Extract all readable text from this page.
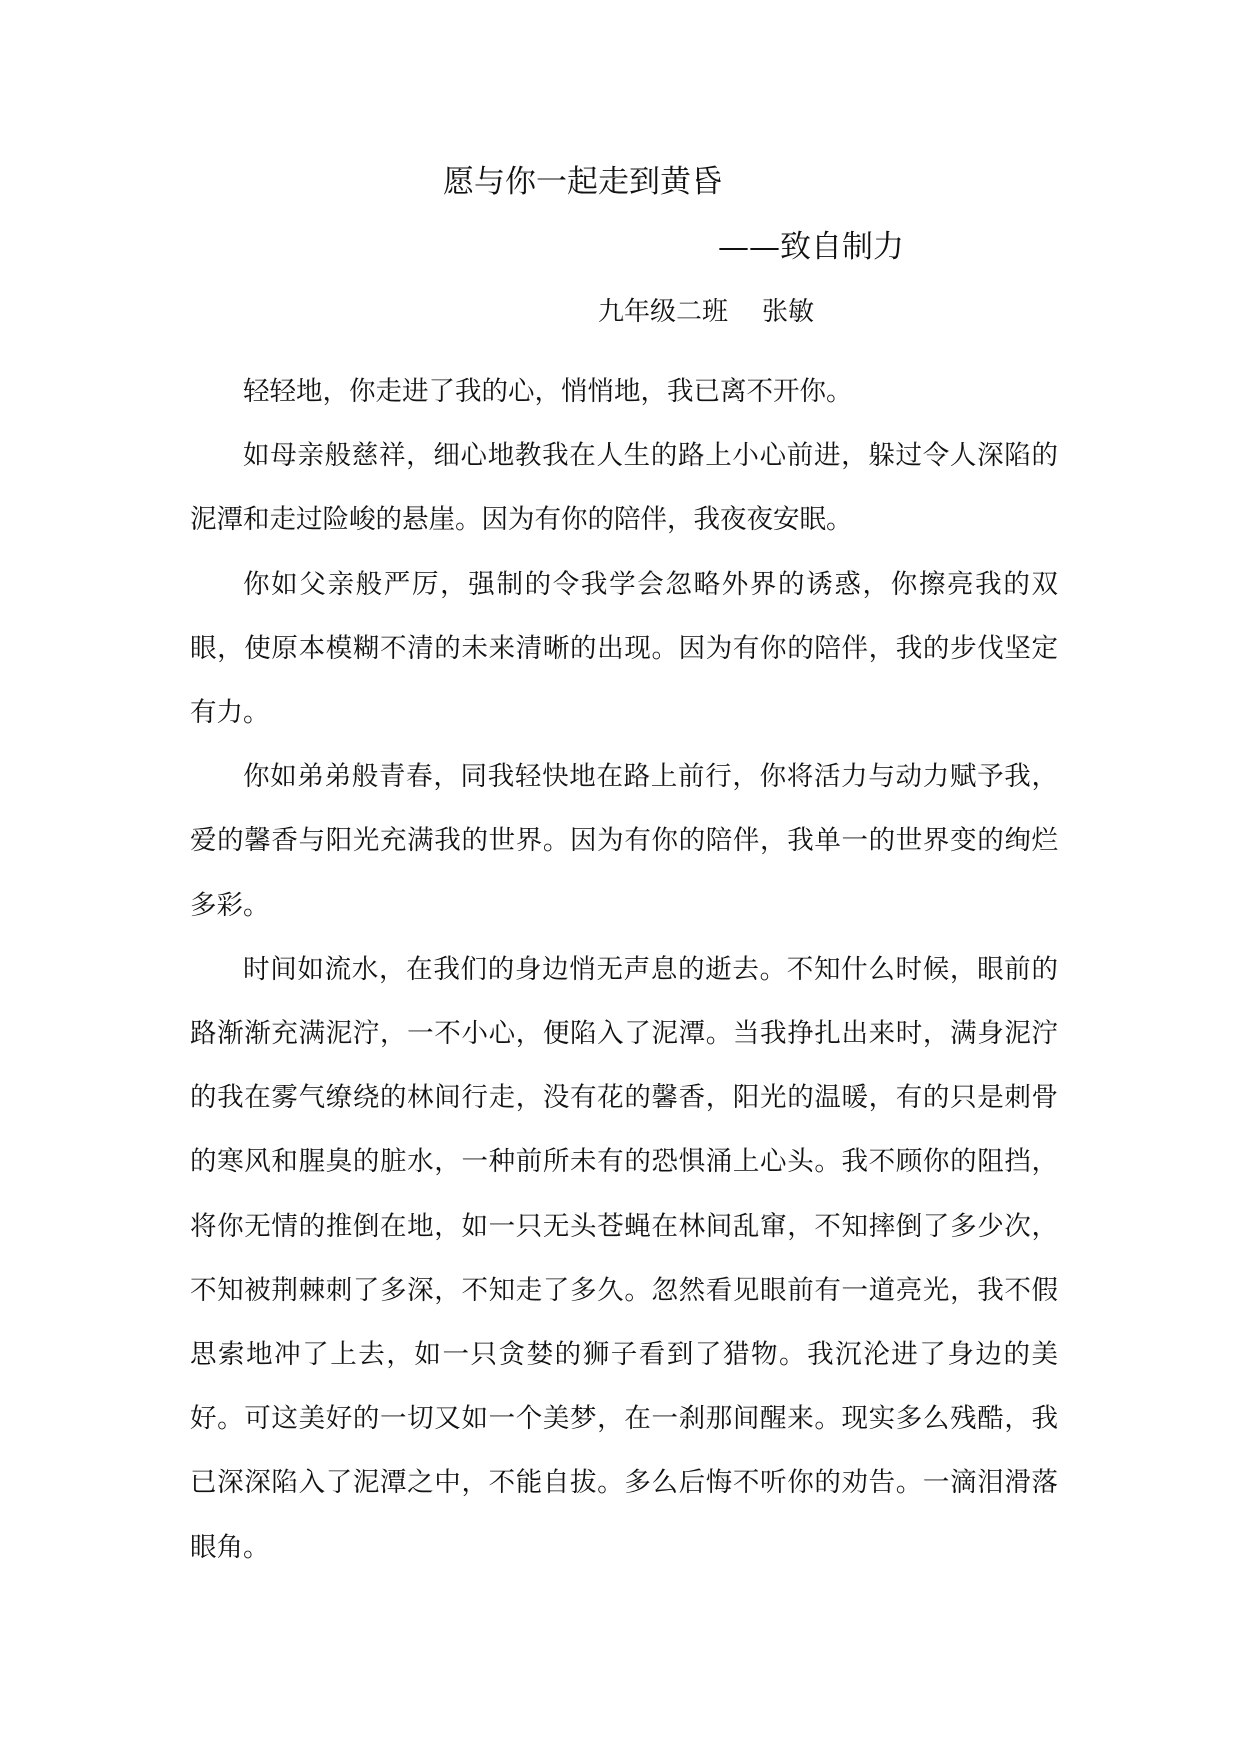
愿与你一起走到黄昏
——致自制力
九年级二班 张敏

轻轻地，你走进了我的心，悄悄地，我已离不开你。

如母亲般慈祥，细心地教我在人生的路上小心前进，躲过令人深陷的泥潭和走过险峻的悬崖。因为有你的陪伴，我夜夜安眠。

你如父亲般严厉，强制的令我学会忽略外界的诱惑，你擦亮我的双眼，使原本模糊不清的未来清晰的出现。因为有你的陪伴，我的步伐坚定有力。

你如弟弟般青春，同我轻快地在路上前行，你将活力与动力赋予我，爱的馨香与阳光充满我的世界。因为有你的陪伴，我单一的世界变的绚烂多彩。

时间如流水，在我们的身边悄无声息的逝去。不知什么时候，眼前的路渐渐充满泥泞，一不小心，便陷入了泥潭。当我挣扎出来时，满身泥泞的我在雾气缭绕的林间行走，没有花的馨香，阳光的温暖，有的只是刺骨的寒风和腥臭的脏水，一种前所未有的恐惧涌上心头。我不顾你的阻挡，将你无情的推倒在地，如一只无头苍蝇在林间乱窜，不知摔倒了多少次，不知被荆棘刺了多深，不知走了多久。忽然看见眼前有一道亮光，我不假思索地冲了上去，如一只贪婪的狮子看到了猎物。我沉沦进了身边的美好。可这美好的一切又如一个美梦，在一刹那间醒来。现实多么残酷，我已深深陷入了泥潭之中，不能自拔。多么后悔不听你的劝告。一滴泪滑落眼角。
